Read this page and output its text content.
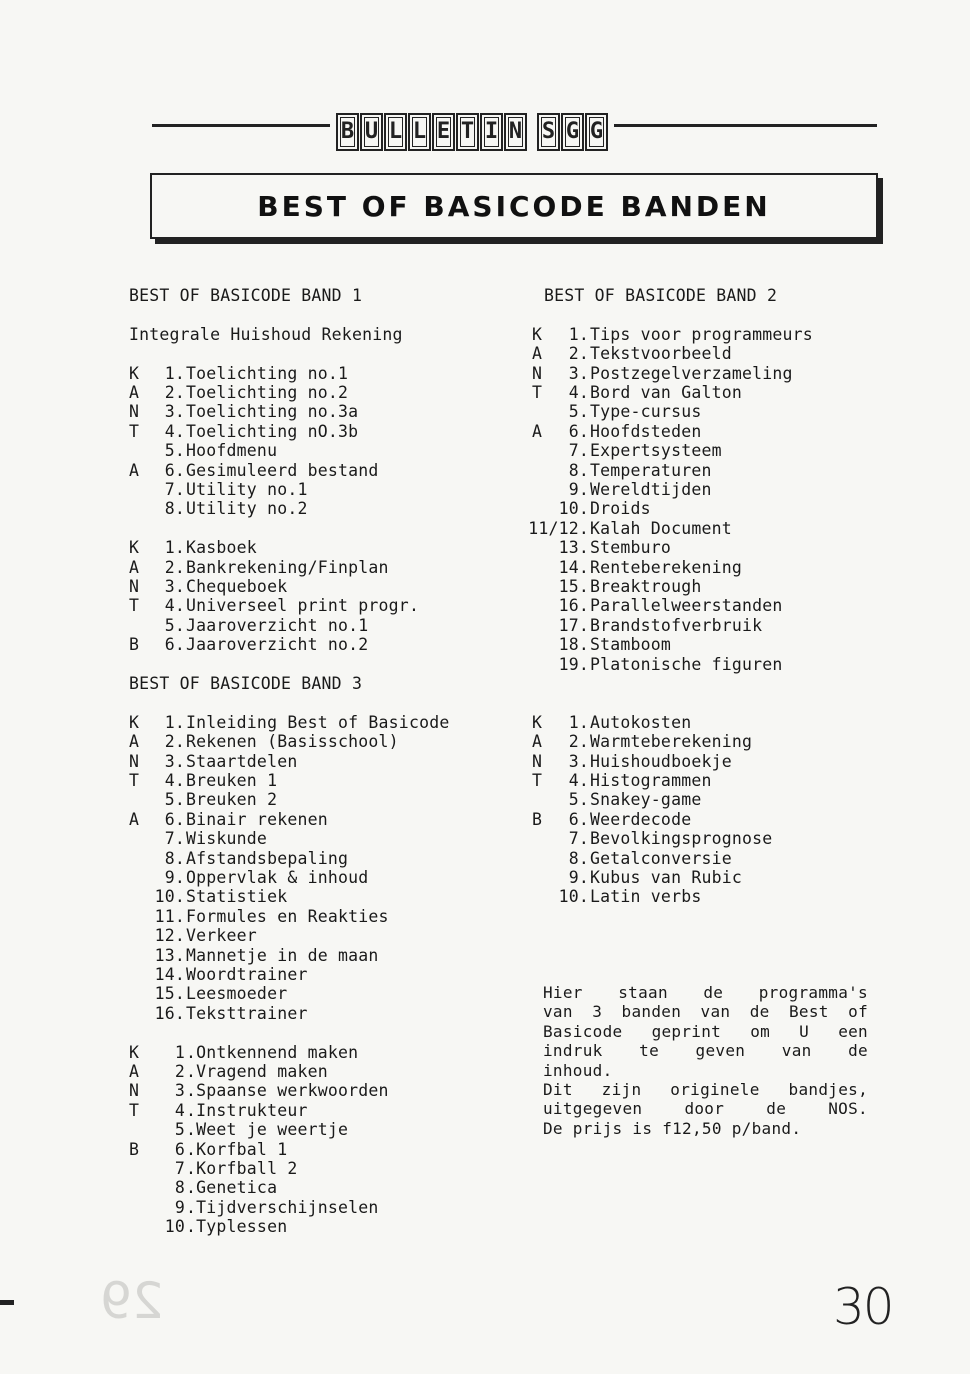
B U L L E T I N S G G
BEST OF BASICODE BANDEN
BEST OF BASICODE BAND 1
Integrale Huishoud Rekening
K	1. Toelichting no.1
A	2. Toelichting no.2
N	3. Toelichting no.3a
T	4. Toelichting nO.3b
5. Hoofdmenu
A	6. Gesimuleerd bestand
7. Utility no.1
8. Utility no.2
K	1. Kasboek
A	2. Bankrekening/Finplan
N	3. Chequeboek
T	4. Universeel print progr.
5. Jaaroverzicht no.1
B	6. Jaaroverzicht no.2
BEST OF BASICODE BAND 3
K	1. Inleiding Best of Basicode
A	2. Rekenen (Basisschool)
N	3. Staartdelen
T	4. Breuken 1
5. Breuken 2
A	6. Binair rekenen
7. Wiskunde
8. Afstandsbepaling
9. Oppervlak & inhoud
10. Statistiek
11. Formules en Reakties
12. Verkeer
13. Mannetje in de maan
14. Woordtrainer
15. Leesmoeder
16. Teksttrainer
K	1 .Ontkennend maken
A	2 .Vragend maken
N	3 .Spaanse werkwoorden
T	4 .Instrukteur
5 .Weet je weertje
B	6 .Korfbal 1
7 .Korfball 2
8 .Genetica
9 .Tijdverschijnselen
10 .Typlessen
BEST OF BASICODE BAND 2
K	1. Tips voor programmeurs
A	2. Tekstvoorbeeld
N	3. Postzegelverzameling
T	4. Bord van Galton
5. Type-cursus
A	6. Hoofdsteden
7. Expertsysteem
8. Temperaturen
9. Wereldtijden
10. Droids
11/12. Kalah Document
13. Stemburo
14. Renteberekening
15. Breaktrough
16. Parallelweerstanden
17. Brandstofverbruik
18. Stamboom
19. Platonische figuren
K	1. Autokosten
A	2. Warmteberekening
N	3. Huishoudboekje
T	4. Histogrammen
5. Snakey-game
B	6. Weerdecode
7. Bevolkingsprognose
8. Getalconversie
9. Kubus van Rubic
10. Latin verbs
Hier staan de programma's
van 3 banden van de Best of
Basicode geprint om U een
indruk te geven van de
inhoud.
Dit zijn originele bandjes,
uitgegeven door de NOS.
De prijs is f12,50 p/band.
29	30
